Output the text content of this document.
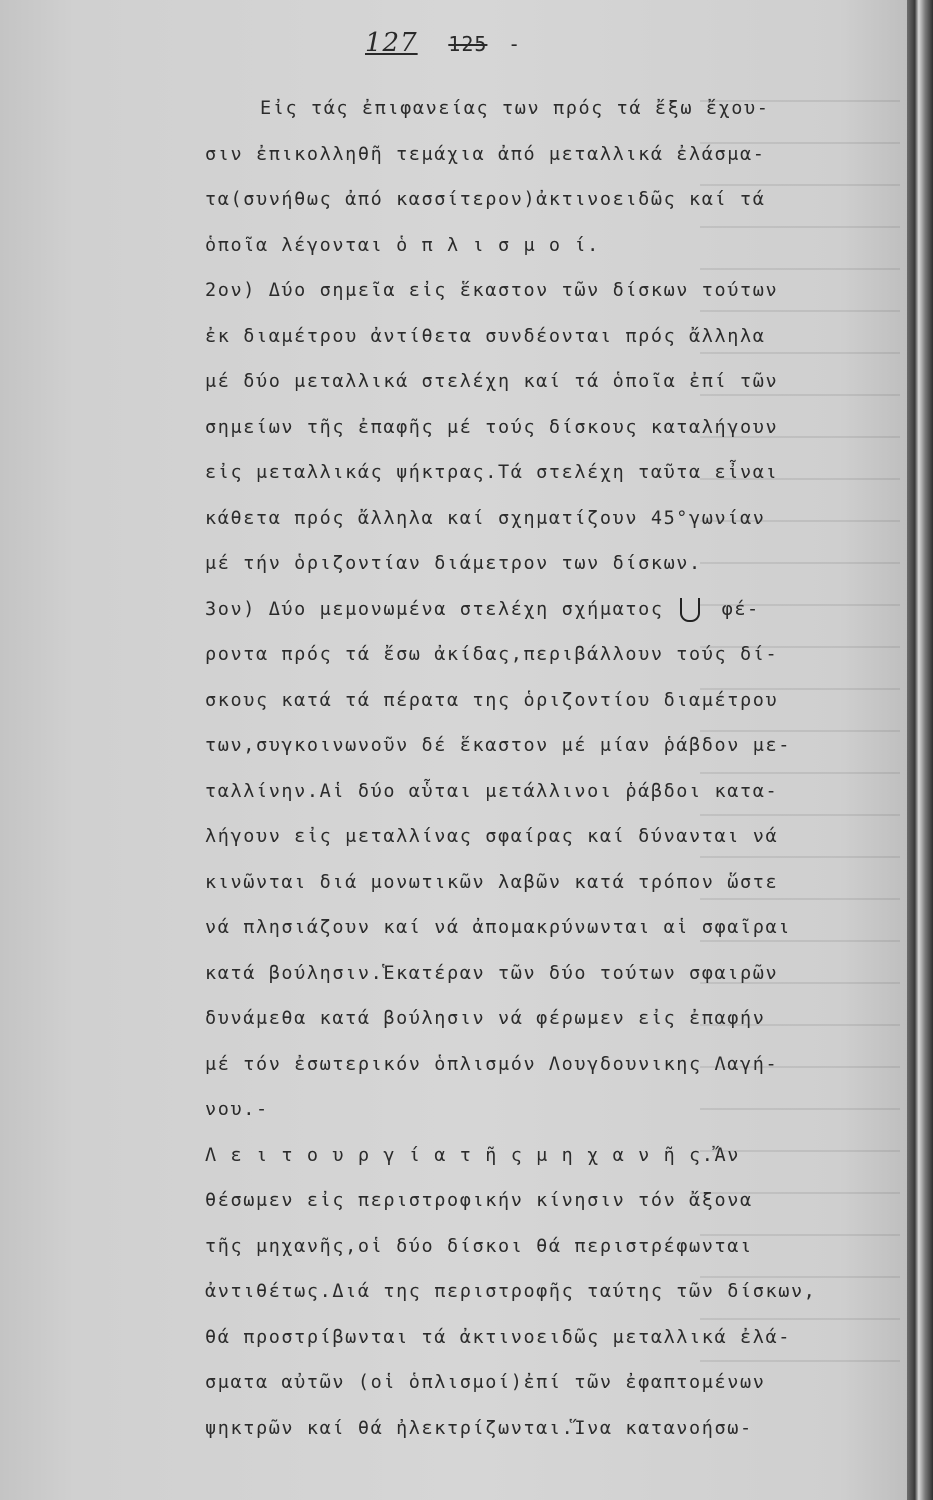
127 125 -
Εἰς τάς ἐπιφανείας των πρός τά ἔξω ἔχου-
σιν ἐπικολληθῆ τεμάχια ἀπό μεταλλικά ἐλάσμα-
τα(συνήθως ἀπό κασσίτερον)ἀκτινοειδῶς καί τά
ὁποῖα λέγονται ὁ π λ ι σ μ ο ί.
2ον) Δύο σημεῖα εἰς ἕκαστον τῶν δίσκων τούτων
ἐκ διαμέτρου ἀντίθετα συνδέονται πρός ἄλληλα
μέ δύο μεταλλικά στελέχη καί τά ὁποῖα ἐπί τῶν
σημείων τῆς ἐπαφῆς μέ τούς δίσκους καταλήγουν
εἰς μεταλλικάς ψήκτρας.Τά στελέχη ταῦτα εἶναι
κάθετα πρός ἄλληλα καί σχηματίζουν 45°γωνίαν
μέ τήν ὁριζοντίαν διάμετρον των δίσκων.
3ον) Δύο μεμονωμένα στελέχη σχήματος	φέ-
ροντα πρός τά ἔσω ἀκίδας,περιβάλλουν τούς δί-
σκους κατά τά πέρατα της ὁριζοντίου διαμέτρου
των,συγκοινωνοῦν δέ ἕκαστον μέ μίαν ῥάβδον με-
ταλλίνην.Αἱ δύο αὗται μετάλλινοι ῥάβδοι κατα-
λήγουν εἰς μεταλλίνας σφαίρας καί δύνανται νά
κινῶνται διά μονωτικῶν λαβῶν κατά τρόπον ὥστε
νά πλησιάζουν καί νά ἀπομακρύνωνται αἱ σφαῖραι
κατά βούλησιν.Ἑκατέραν τῶν δύο τούτων σφαιρῶν
δυνάμεθα κατά βούλησιν νά φέρωμεν εἰς ἐπαφήν
μέ τόν ἐσωτερικόν ὁπλισμόν Λουγδουνικης Λαγή-
νου.-
Λ ε ι τ ο υ ρ γ ί α τ ῆ ς μ η χ α ν ῆ ς.Ἄν
θέσωμεν εἰς περιστροφικήν κίνησιν τόν ἄξονα
τῆς μηχανῆς,οἱ δύο δίσκοι θά περιστρέφωνται
ἀντιθέτως.Διά της περιστροφῆς ταύτης τῶν δίσκων,
θά προστρίβωνται τά ἀκτινοειδῶς μεταλλικά ἐλά-
σματα αὐτῶν (οἱ ὁπλισμοί)ἐπί τῶν ἐφαπτομένων
ψηκτρῶν καί θά ἠλεκτρίζωνται.Ἵνα κατανοήσω-
